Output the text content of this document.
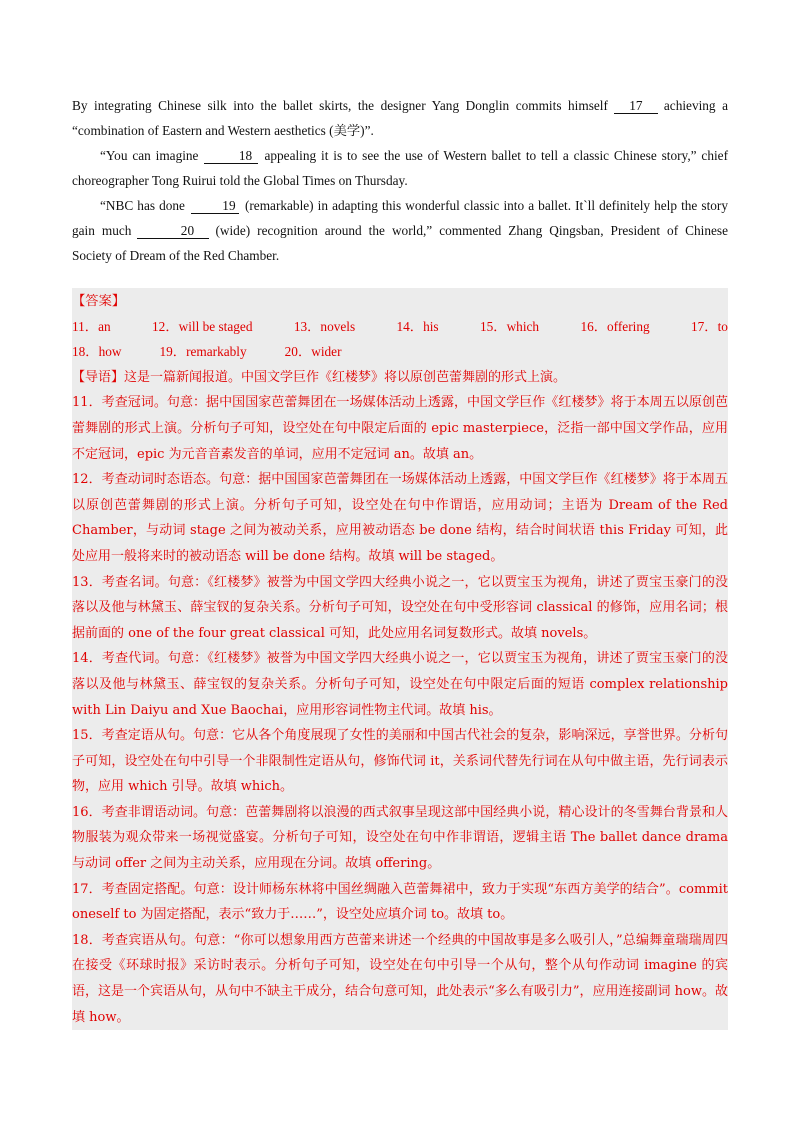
By integrating Chinese silk into the ballet skirts, the designer Yang Donglin commits himself 17 achieving a “combination of Eastern and Western aesthetics (美学)”.

“You can imagine	18 appealing it is to see the use of Western ballet to tell a classic Chinese story,” chief choreographer Tong Ruirui told the Global Times on Thursday.

“NBC has done	19 (remarkable) in adapting this wonderful classic into a ballet. It`ll definitely help the story gain much	20 (wide) recognition around the world,” commented Zhang Qingsban, President of Chinese Society of Dream of the Red Chamber.

【答案】
11．an	12．will be staged	13．novels	14．his	15．which	16．offering	17．to
18．how	19．remarkably	20．wider

【导语】这是一篇新闻报道。中国文学巨作《红楼梦》将以原创芭蕾舞剧的形式上演。

11．考查冠词。句意：据中国国家芭蕾舞团在一场媒体活动上透露，中国文学巨作《红楼梦》将于本周五以原创芭蕾舞剧的形式上演。分析句子可知，设空处在句中限定后面的 epic masterpiece，泛指一部中国文学作品，应用不定冠词，epic 为元音音素发音的单词，应用不定冠词 an。故填 an。

12．考查动词时态语态。句意：据中国国家芭蕾舞团在一场媒体活动上透露，中国文学巨作《红楼梦》将于本周五以原创芭蕾舞剧的形式上演。分析句子可知，设空处在句中作谓语，应用动词；主语为 Dream of the Red Chamber，与动词 stage 之间为被动关系，应用被动语态 be done 结构，结合时间状语 this Friday 可知，此处应用一般将来时的被动语态 will be done 结构。故填 will be staged。

13．考查名词。句意：《红楼梦》被誉为中国文学四大经典小说之一，它以贾宝玉为视角，讲述了贾宝玉豪门的没落以及他与林黛玉、薛宝钗的复杂关系。分析句子可知，设空处在句中受形容词 classical 的修饰，应用名词；根据前面的 one of the four great classical 可知，此处应用名词复数形式。故填 novels。

14．考查代词。句意：《红楼梦》被誉为中国文学四大经典小说之一，它以贾宝玉为视角，讲述了贾宝玉豪门的没落以及他与林黛玉、薛宝钗的复杂关系。分析句子可知，设空处在句中限定后面的短语 complex relationship with Lin Daiyu and Xue Baochai，应用形容词性物主代词。故填 his。

15．考查定语从句。句意：它从各个角度展现了女性的美丽和中国古代社会的复杂，影响深远，享誉世界。分析句子可知，设空处在句中引导一个非限制性定语从句，修饰代词 it，关系词代替先行词在从句中做主语，先行词表示物，应用 which 引导。故填 which。

16．考查非谓语动词。句意：芭蕾舞剧将以浪漫的西式叙事呈现这部中国经典小说，精心设计的冬雪舞台背景和人物服装为观众带来一场视觉盛宴。分析句子可知，设空处在句中作非谓语，逻辑主语 The ballet dance drama 与动词 offer 之间为主动关系，应用现在分词。故填 offering。

17．考查固定搭配。句意：设计师杨东林将中国丝绸融入芭蕾舞裙中，致力于实现“东西方美学的结合”。commit oneself to 为固定搭配，表示“致力于……”，设空处应填介词 to。故填 to。

18．考查宾语从句。句意：“你可以想象用西方芭蕾来讲述一个经典的中国故事是多么吸引人，”总编舞童瑞瑞周四在接受《环球时报》采访时表示。分析句子可知，设空处在句中引导一个从句，整个从句作动词 imagine 的宾语，这是一个宾语从句，从句中不缺主干成分，结合句意可知，此处表示“多么有吸引力”，应用连接副词 how。故填 how。
